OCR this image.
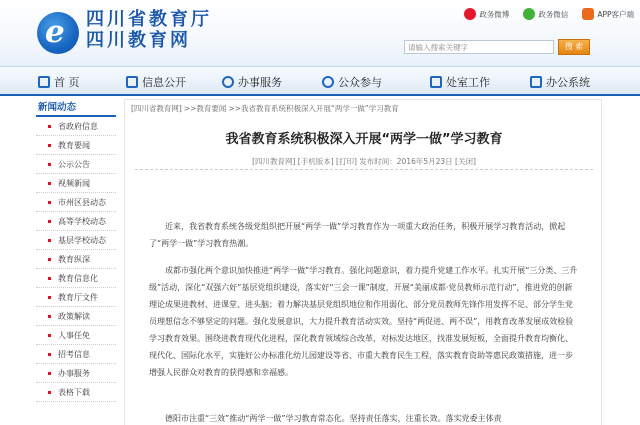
e 四川省教育厅
四川教育网
政务微博	政务微信	APP客户端
请输入搜索关键字	搜 索
首 页	信息公开	办事服务	公众参与	处室工作	办公系统
新闻动态
省政府信息
教育要闻
公示公告
视频新闻
市州区县动态
高等学校动态
基层学校动态
教育纵深
教育信息化
教育厅文件
政策解读
人事任免
招考信息
办事服务
表格下载
[四川省教育网] >>教育要闻 >>我省教育系统积极深入开展“两学一做”学习教育
我省教育系统积极深入开展“两学一做”学习教育
[四川教育网] [手机版本] [打印] 发布时间：2016年5月23日 [关闭]
近来，我省教育系统各级党组织把开展“两学一做”学习教育作为一项重大政治任务，积极开展学习教育活动，掀起了“两学一做”学习教育热潮。
成都市强化两个意识加快推进“两学一做”学习教育。强化问题意识，着力提升党建工作水平。扎实开展“三分类、三升级”活动，深化“双强六好”基层党组织建设，落实好“三会一课”制度，开展“美丽成都·党员教师示范行动”，推进党的创新理论成果进教材、进课堂、进头脑；着力解决基层党组织地位和作用弱化、部分党员教师先锋作用发挥不足、部分学生党员理想信念不够坚定的问题。强化发展意识，大力提升教育活动实效。坚持“两促进、两不误”，用教育改革发展成效检验学习教育效果。围绕进教育现代化进程，深化教育领域综合改革，对标发达地区，找准发展短板，全面提升教育均衡化、现代化、国际化水平，实施好公办标准化幼儿园建设等省、市重大教育民生工程，落实教育资助等惠民政策措施，进一步增强人民群众对教育的获得感和幸福感。
德阳市注重“三效”推动“两学一做”学习教育常态化。坚持责任落实，注重长效。落实党委主体责
